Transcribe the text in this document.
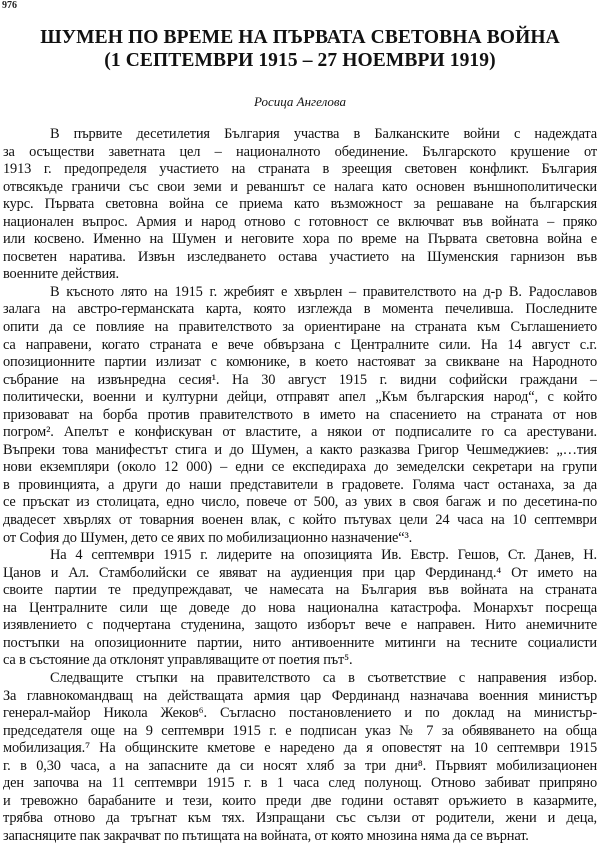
976
ШУМЕН ПО ВРЕМЕ НА ПЪРВАТА СВЕТОВНА ВОЙНА
(1 СЕПТЕМВРИ 1915 – 27 НОЕМВРИ 1919)
Росица Ангелова

В първите десетилетия България участва в Балканските войни с надеждата
за осъществи заветната цел – националното обединение. Българското крушение от
1913 г. предопределя участието на страната в зреещия световен конфликт. България
отвсякъде граничи със свои земи и реваншът се налага като основен външнополитически
курс. Първата световна война се приема като възможност за решаване на българския
национален въпрос. Армия и народ отново с готовност се включват във войната – пряко
или косвено. Именно на Шумен и неговите хора по време на Първата световна война е
посветен наратива. Извън изследването остава участието на Шуменския гарнизон във
военните действия.

В късното лято на 1915 г. жребият е хвърлен – правителството на д-р В. Радославов
залага на австро-германската карта, която изглежда в момента печеливша. Последните
опити да се повлияе на правителството за ориентиране на страната към Съглашението
са направени, когато страната е вече обвързана с Централните сили. На 14 август с.г.
опозиционните партии излизат с комюнике, в което настояват за свикване на Народното
събрание на извънредна сесия¹. На 30 август 1915 г. видни софийски граждани –
политически, военни и културни дейци, отправят апел „Към българския народ“, с който
призовават на борба против правителството в името на спасението на страната от нов
погром². Апелът е конфискуван от властите, а някои от подписалите го са арестувани.
Въпреки това манифестът стига и до Шумен, а както разказва Григор Чешмеджиев: „…тия
нови екземпляри (около 12 000) – едни се експедираха до земеделски секретари на групи
в провинцията, а други до наши представители в градовете. Голяма част останаха, за да
се пръскат из столицата, едно число, повече от 500, аз увих в своя багаж и по десетина-по
двадесет хвърлях от товарния военен влак, с който пътувах цели 24 часа на 10 септември
от София до Шумен, дето се явих по мобилизационно назначение“³.

На 4 септември 1915 г. лидерите на опозицията Ив. Евстр. Гешов, Ст. Данев, Н.
Цанов и Ал. Стамболийски се явяват на аудиенция при цар Фердинанд.⁴ От името на
своите партии те предупреждават, че намесата на България във войната на страната
на Централните сили ще доведе до нова национална катастрофа. Монархът посреща
изявлението с подчертана студенина, защото изборът вече е направен. Нито анемичните
постъпки на опозиционните партии, нито антивоенните митинги на тесните социалисти
са в състояние да отклонят управляващите от поетия път⁵.

Следващите стъпки на правителството са в съответствие с направения избор.
За главнокомандващ на действащата армия цар Фердинанд назначава военния министър
генерал-майор Никола Жеков⁶. Съгласно постановлението и по доклад на министър-
председателя още на 9 септември 1915 г. е подписан указ № 7 за обявяването на обща
мобилизация.⁷ На общинските кметове е наредено да я оповестят на 10 септември 1915
г. в 0,30 часа, а на запасните да си носят хляб за три дни⁸. Първият мобилизационен
ден започва на 11 септември 1915 г. в 1 часа след полунощ. Отново забиват припряно
и тревожно барабаните и тези, които преди две години оставят оръжието в казармите,
трябва отново да тръгнат към тях. Изпращани със сълзи от родители, жени и деца,
запасняците пак закрачват по пътищата на войната, от която мнозина няма да се върнат.
